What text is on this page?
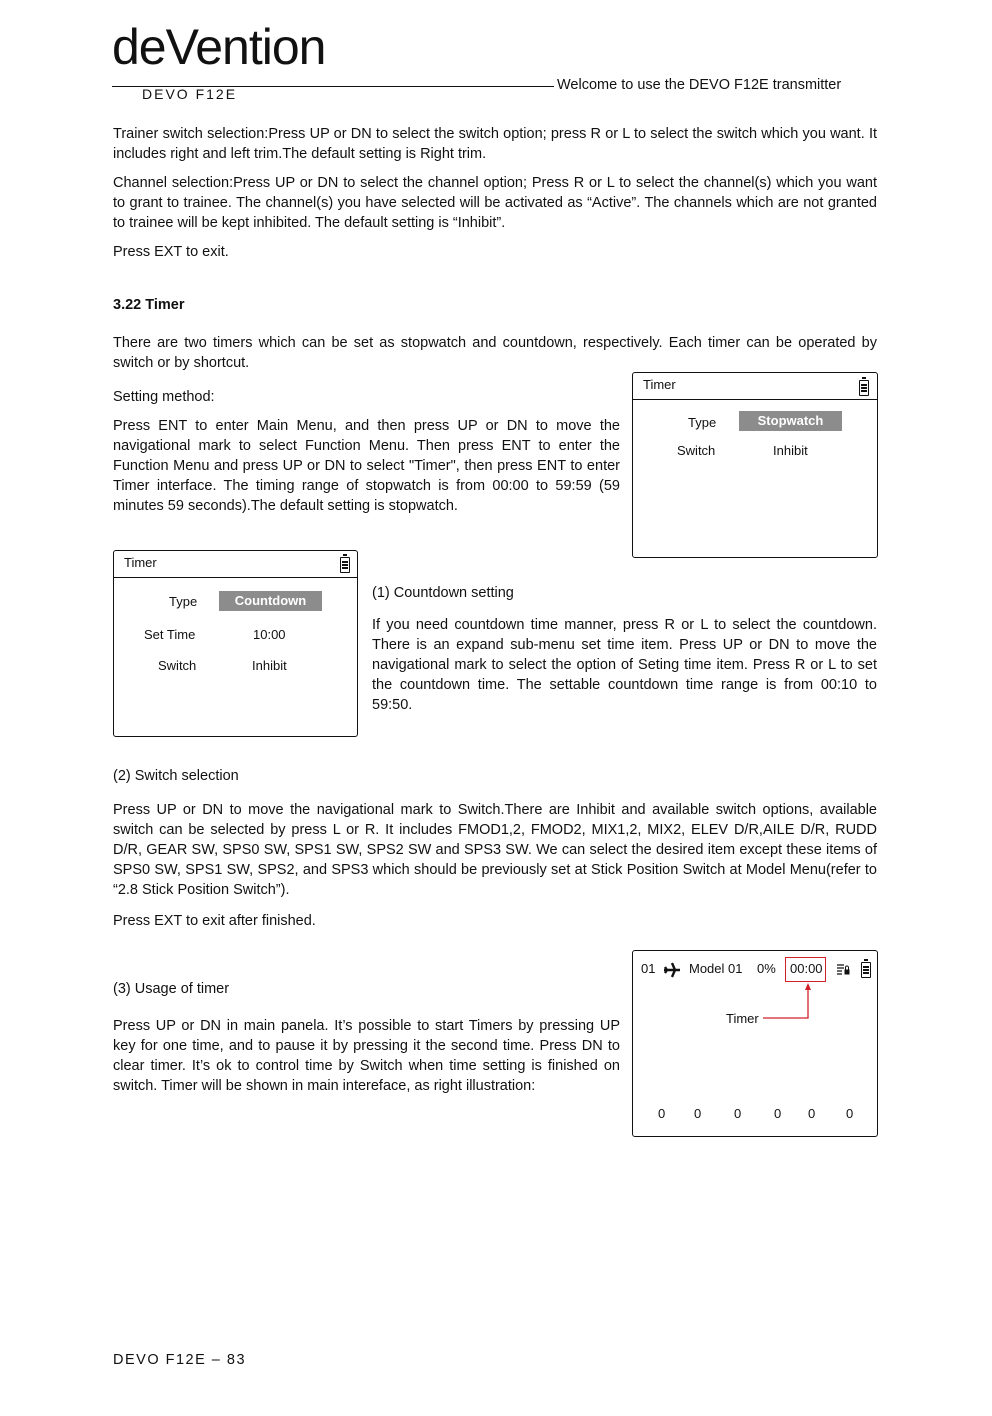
deVention
DEVO F12E
Welcome to use the DEVO F12E transmitter
Trainer switch selection:Press UP or DN to select the switch option; press R or L to select the switch which you want. It includes right and left trim.The default setting is Right trim.
Channel selection:Press UP or DN to select the channel option; Press R or L to select the channel(s) which you want to grant to trainee. The channel(s) you have selected will be activated as “Active”. The channels which are not granted to trainee will be kept inhibited. The default setting is “Inhibit”.
Press EXT to exit.
3.22 Timer
There are two timers which can be set as stopwatch and countdown, respectively. Each timer can be operated by switch or by shortcut.
Setting method:
Press ENT to enter Main Menu, and then press UP or DN to move the navigational mark to select Function Menu. Then press ENT to enter the Function Menu and press UP or DN to select "Timer", then press ENT to enter Timer interface. The timing range of stopwatch is from 00:00 to 59:59 (59 minutes 59 seconds).The default setting is stopwatch.
Timer
Type	Stopwatch
Switch	Inhibit
Timer
Type	Countdown
Set Time	10:00
Switch	Inhibit
(1) Countdown setting
If you need countdown time manner, press R or L to select the countdown. There is an expand sub-menu set time item. Press UP or DN to move the navigational mark to select the option of Seting time item. Press R or L to set the countdown time. The settable countdown time range is from 00:10 to 59:50.
(2) Switch selection
Press UP or DN to move the navigational mark to Switch.There are Inhibit and available switch options, available switch can be selected by press L or R. It includes FMOD1,2, FMOD2, MIX1,2, MIX2, ELEV D/R,AILE D/R, RUDD D/R, GEAR SW, SPS0 SW, SPS1 SW, SPS2 SW and SPS3 SW. We can select the desired item except these items of SPS0 SW, SPS1 SW, SPS2, and SPS3 which should be previously set at Stick Position Switch at Model Menu(refer to “2.8 Stick Position Switch”).
Press EXT to exit after finished.
(3) Usage of timer
Press UP or DN in main panela. It’s possible to start Timers by pressing UP key for one time, and to pause it by pressing it the second time. Press DN to clear timer. It’s ok to control time by Switch when time setting is finished on switch. Timer will be shown in main intereface, as right illustration:
01	Model 01 0% 00:00
Timer
0 0	0	0 0 0
DEVO F12E – 83
